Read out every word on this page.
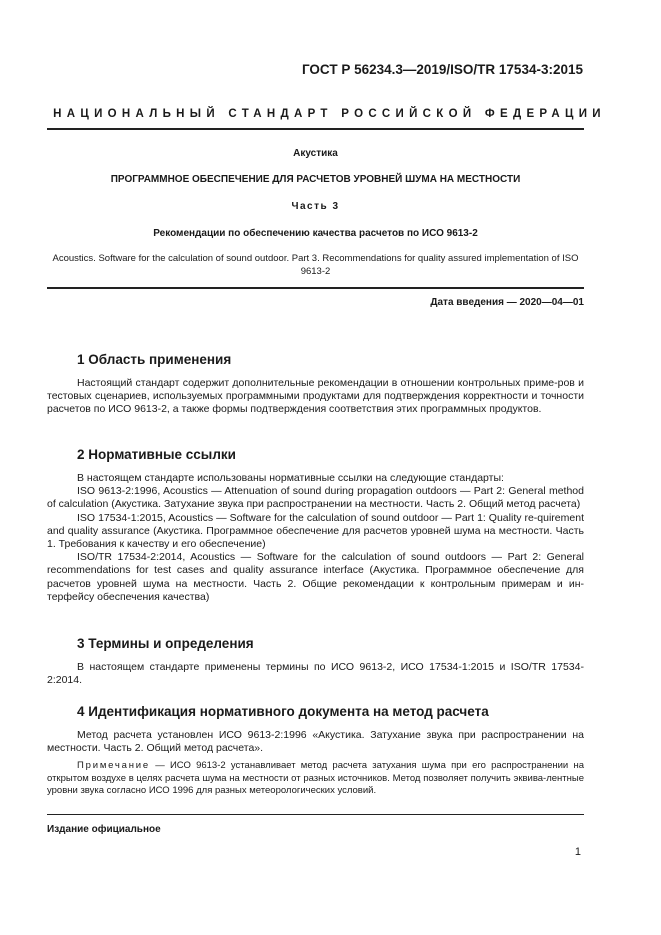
ГОСТ Р 56234.3—2019/ISO/TR 17534-3:2015
НАЦИОНАЛЬНЫЙ СТАНДАРТ РОССИЙСКОЙ ФЕДЕРАЦИИ
Акустика
ПРОГРАММНОЕ ОБЕСПЕЧЕНИЕ ДЛЯ РАСЧЕТОВ УРОВНЕЙ ШУМА НА МЕСТНОСТИ
Часть 3
Рекомендации по обеспечению качества расчетов по ИСО 9613-2
Acoustics. Software for the calculation of sound outdoor. Part 3. Recommendations for quality assured implementation of ISO 9613-2
Дата введения — 2020—04—01
1 Область применения

Настоящий стандарт содержит дополнительные рекомендации в отношении контрольных приме-ров и тестовых сценариев, используемых программными продуктами для подтверждения корректности и точности расчетов по ИСО 9613-2, а также формы подтверждения соответствия этих программных продуктов.

2 Нормативные ссылки

В настоящем стандарте использованы нормативные ссылки на следующие стандарты:

ISO 9613-2:1996, Acoustics — Attenuation of sound during propagation outdoors — Part 2: General method of calculation (Акустика. Затухание звука при распространении на местности. Часть 2. Общий метод расчета)

ISO 17534-1:2015, Acoustics — Software for the calculation of sound outdoor — Part 1: Quality re-quirement and quality assurance (Акустика. Программное обеспечение для расчетов уровней шума на местности. Часть 1. Требования к качеству и его обеспечение)

ISO/TR 17534-2:2014, Acoustics — Software for the calculation of sound outdoors — Part 2: General recommendations for test cases and quality assurance interface (Акустика. Программное обеспечение для расчетов уровней шума на местности. Часть 2. Общие рекомендации к контрольным примерам и ин-терфейсу обеспечения качества)

3 Термины и определения

В настоящем стандарте применены термины по ИСО 9613-2, ИСО 17534-1:2015 и ISO/TR 17534-2:2014.

4 Идентификация нормативного документа на метод расчета

Метод расчета установлен ИСО 9613-2:1996 «Акустика. Затухание звука при распространении на местности. Часть 2. Общий метод расчета».

Примечание — ИСО 9613-2 устанавливает метод расчета затухания шума при его распространении на открытом воздухе в целях расчета шума на местности от разных источников. Метод позволяет получить эквива-лентные уровни звука согласно ИСО 1996 для разных метеорологических условий.

Издание официальное
1
